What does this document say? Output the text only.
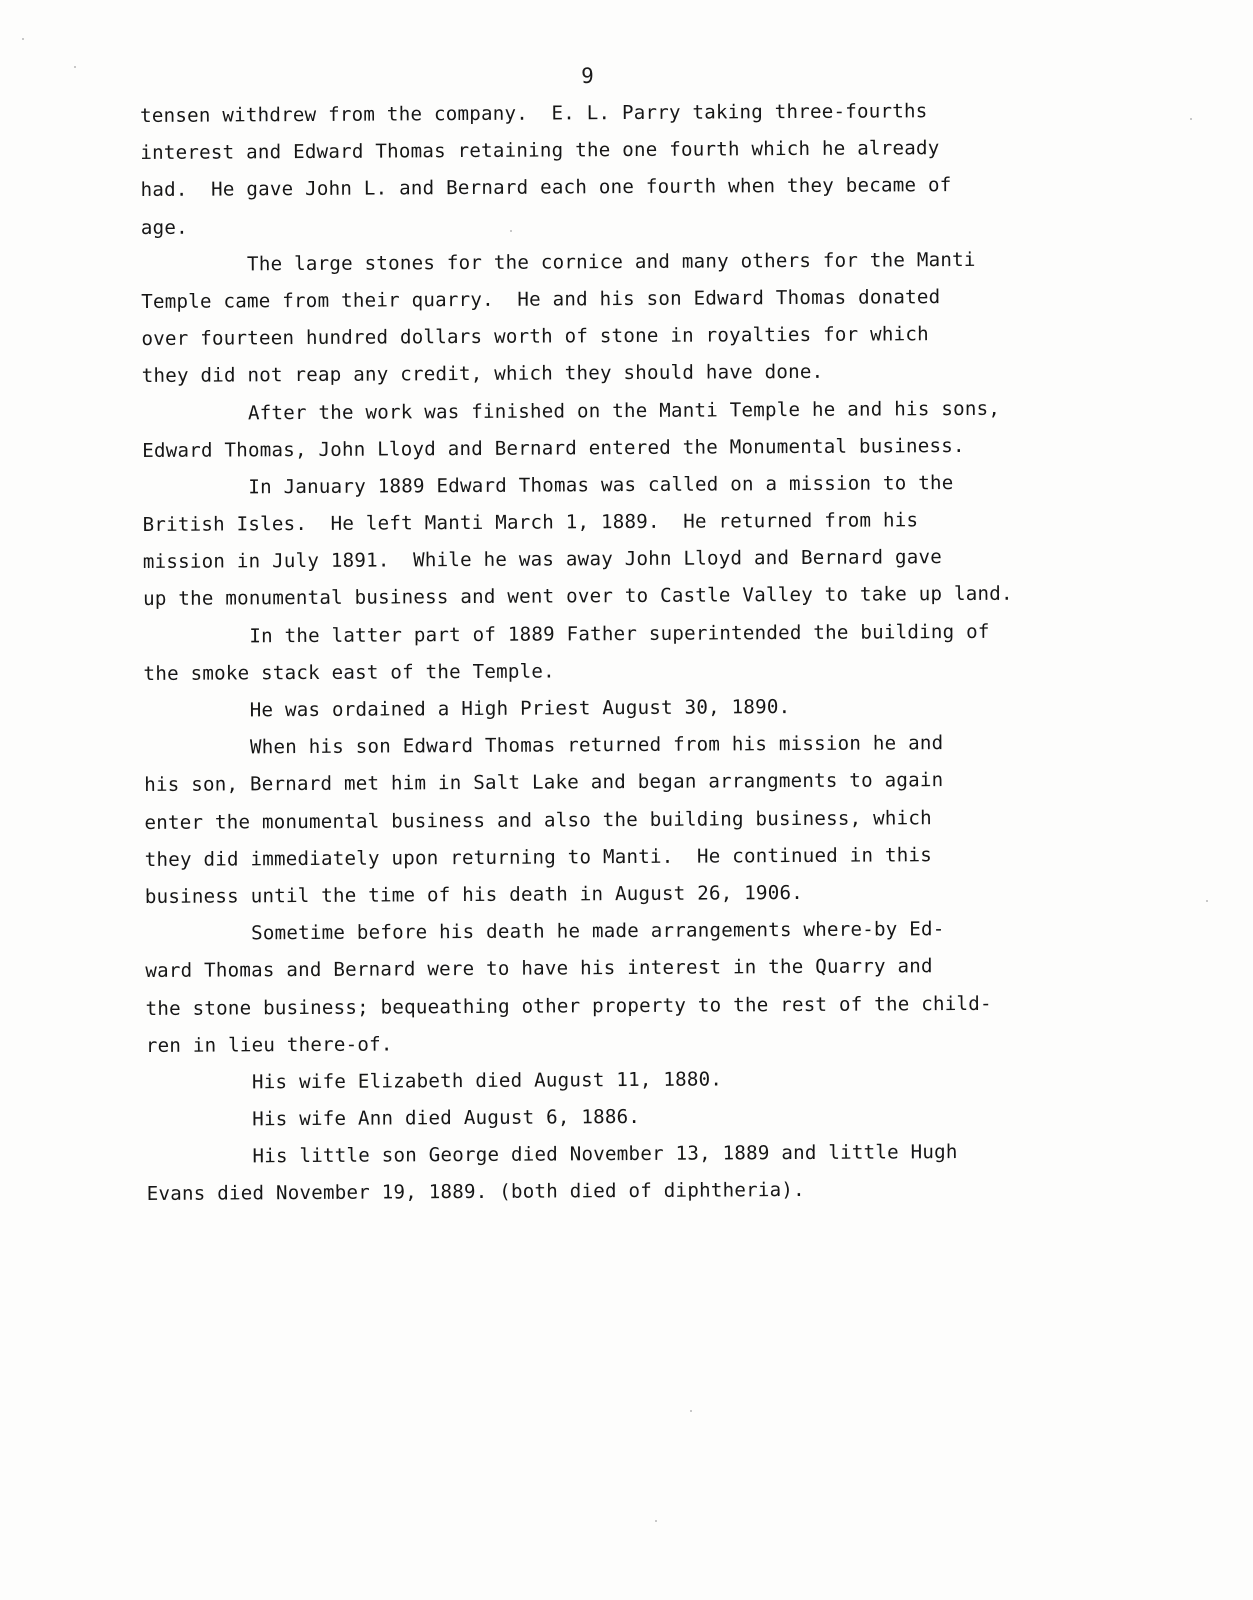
9
tensen withdrew from the company.  E. L. Parry taking three-fourths
interest and Edward Thomas retaining the one fourth which he already
had.  He gave John L. and Bernard each one fourth when they became of
age.
The large stones for the cornice and many others for the Manti
Temple came from their quarry.  He and his son Edward Thomas donated
over fourteen hundred dollars worth of stone in royalties for which
they did not reap any credit, which they should have done.
After the work was finished on the Manti Temple he and his sons,
Edward Thomas, John Lloyd and Bernard entered the Monumental business.
In January 1889 Edward Thomas was called on a mission to the
British Isles.  He left Manti March 1, 1889.  He returned from his
mission in July 1891.  While he was away John Lloyd and Bernard gave
up the monumental business and went over to Castle Valley to take up land.
In the latter part of 1889 Father superintended the building of
the smoke stack east of the Temple.
He was ordained a High Priest August 30, 1890.
When his son Edward Thomas returned from his mission he and
his son, Bernard met him in Salt Lake and began arrangments to again
enter the monumental business and also the building business, which
they did immediately upon returning to Manti.  He continued in this
business until the time of his death in August 26, 1906.
Sometime before his death he made arrangements where-by Ed-
ward Thomas and Bernard were to have his interest in the Quarry and
the stone business; bequeathing other property to the rest of the child-
ren in lieu there-of.
His wife Elizabeth died August 11, 1880.
His wife Ann died August 6, 1886.
His little son George died November 13, 1889 and little Hugh
Evans died November 19, 1889. (both died of diphtheria).
